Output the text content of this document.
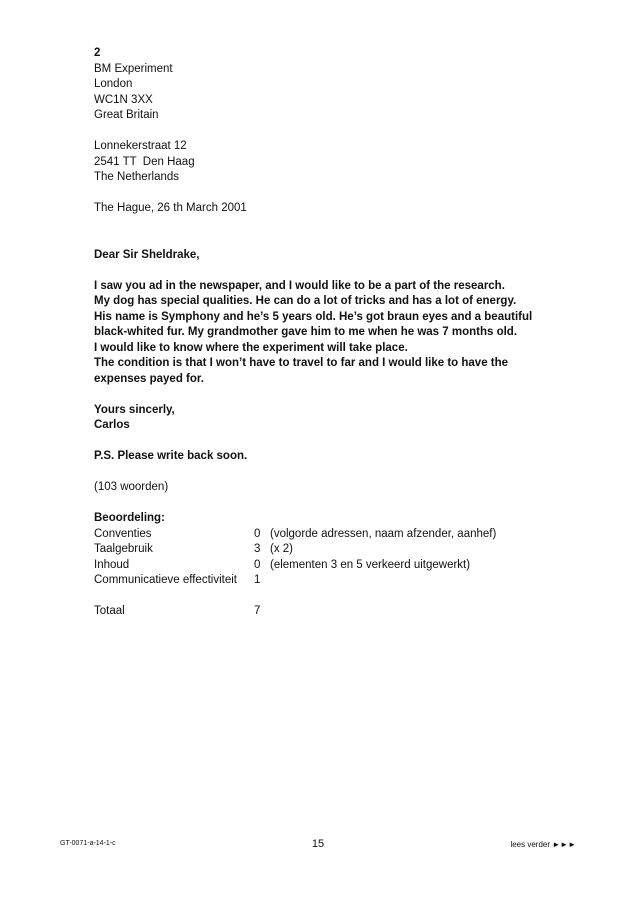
2
BM Experiment
London
WC1N 3XX
Great Britain
Lonnekerstraat 12
2541 TT  Den Haag
The Netherlands
The Hague, 26 th March 2001
Dear Sir Sheldrake,
I saw you ad in the newspaper, and I would like to be a part of the research.
My dog has special qualities. He can do a lot of tricks and has a lot of energy.
His name is Symphony and he’s 5 years old. He’s got braun eyes and a beautiful black-whited fur. My grandmother gave him to me when he was 7 months old.
I would like to know where the experiment will take place.
The condition is that I won’t have to travel to far and I would like to have the expenses payed for.
Yours sincerly,
Carlos
P.S. Please write back soon.
(103 woorden)
Beoordeling:
Conventies	0 (volgorde adressen, naam afzender, aanhef)
Taalgebruik	3 (x 2)
Inhoud	0 (elementen 3 en 5 verkeerd uitgewerkt)
Communicatieve effectiviteit	1
Totaal	7
GT-0071-a-14-1-c	15	lees verder ►►►
